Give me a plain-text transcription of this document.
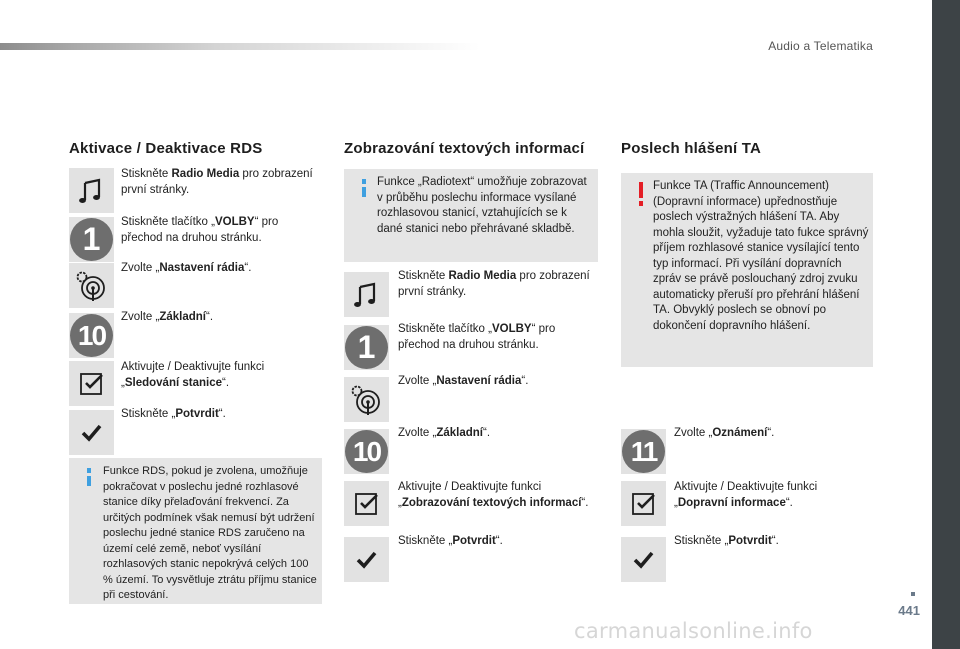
Audio a Telematika
441
carmanualsonline.info
Aktivace / Deaktivace RDS
Stiskněte Radio Media pro zobrazení první stránky.
1	Stiskněte tlačítko „VOLBY“ pro přechod na druhou stránku.
Zvolte „Nastavení rádia“.
10
Zvolte „Základní“.
Aktivujte / Deaktivujte funkci „Sledování stanice“.
Stiskněte „Potvrdit“.
Funkce RDS, pokud je zvolena, umožňuje pokračovat v poslechu jedné rozhlasové stanice díky přelaďování frekvencí. Za určitých podmínek však nemusí být udržení poslechu jedné stanice RDS zaručeno na území celé země, neboť vysílání rozhlasových stanic nepokrývá celých 100 % území. To vysvětluje ztrátu příjmu stanice při cestování.
Zobrazování textových informací
Funkce „Radiotext“ umožňuje zobrazovat v průběhu poslechu informace vysílané rozhlasovou stanicí, vztahujících se k dané stanici nebo přehrávané skladbě.
Stiskněte Radio Media pro zobrazení první stránky.
1	Stiskněte tlačítko „VOLBY“ pro přechod na druhou stránku.
Zvolte „Nastavení rádia“.
10
Zvolte „Základní“.
Aktivujte / Deaktivujte funkci „Zobrazování textových informací“.
Stiskněte „Potvrdit“.
Poslech hlášení TA
Funkce TA (Traffic Announcement) (Dopravní informace) upřednostňuje poslech výstražných hlášení TA. Aby mohla sloužit, vyžaduje tato fukce správný příjem rozhlasové stanice vysílající tento typ informací. Při vysílání dopravních zpráv se právě poslouchaný zdroj zvuku automaticky přeruší pro přehrání hlášení TA. Obvyklý poslech se obnoví po dokončení dopravního hlášení.
11
Zvolte „Oznámení“.
Aktivujte / Deaktivujte funkci „Dopravní informace“.
Stiskněte „Potvrdit“.
